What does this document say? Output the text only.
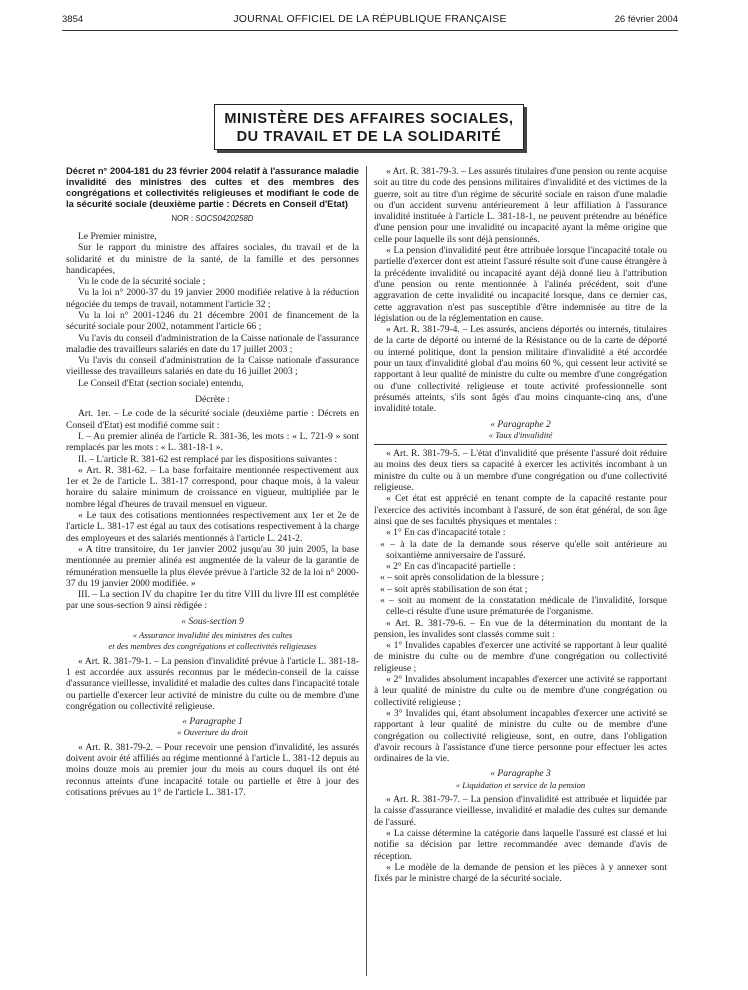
3854	JOURNAL OFFICIEL DE LA RÉPUBLIQUE FRANÇAISE	26 février 2004
MINISTÈRE DES AFFAIRES SOCIALES,
DU TRAVAIL ET DE LA SOLIDARITÉ
Décret n° 2004-181 du 23 février 2004 relatif à l'assurance maladie invalidité des ministres des cultes et des membres des congrégations et collectivités religieuses et modifiant le code de la sécurité sociale (deuxième partie : Décrets en Conseil d'Etat)
NOR : SOCS0420258D

Le Premier ministre,

Sur le rapport du ministre des affaires sociales, du travail et de la solidarité et du ministre de la santé, de la famille et des personnes handicapées,

Vu le code de la sécurité sociale ;

Vu la loi n° 2000-37 du 19 janvier 2000 modifiée relative à la réduction négociée du temps de travail, notamment l'article 32 ;

Vu la loi n° 2001-1246 du 21 décembre 2001 de financement de la sécurité sociale pour 2002, notamment l'article 66 ;

Vu l'avis du conseil d'administration de la Caisse nationale de l'assurance maladie des travailleurs salariés en date du 17 juillet 2003 ;

Vu l'avis du conseil d'administration de la Caisse nationale d'assurance vieillesse des travailleurs salariés en date du 16 juillet 2003 ;

Le Conseil d'Etat (section sociale) entendu,

Décrète :

Art. 1er. – Le code de la sécurité sociale (deuxième partie : Décrets en Conseil d'Etat) est modifié comme suit :

I. – Au premier alinéa de l'article R. 381-36, les mots : « L. 721-9 » sont remplacés par les mots : « L. 381-18-1 ».

II. – L'article R. 381-62 est remplacé par les dispositions suivantes :

« Art. R. 381-62. – La base forfaitaire mentionnée respectivement aux 1er et 2e de l'article L. 381-17 correspond, pour chaque mois, à la valeur horaire du salaire minimum de croissance en vigueur, multipliée par le nombre légal d'heures de travail mensuel en vigueur.

« Le taux des cotisations mentionnées respectivement aux 1er et 2e de l'article L. 381-17 est égal au taux des cotisations respectivement à la charge des employeurs et des salariés mentionnés à l'article L. 241-2.

« A titre transitoire, du 1er janvier 2002 jusqu'au 30 juin 2005, la base mentionnée au premier alinéa est augmentée de la valeur de la garantie de rémunération mensuelle la plus élevée prévue à l'article 32 de la loi n° 2000-37 du 19 janvier 2000 modifiée. »

III. – La section IV du chapitre 1er du titre VIII du livre III est complétée par une sous-section 9 ainsi rédigée :

« Sous-section 9

« Assurance invalidité des ministres des cultes

et des membres des congrégations et collectivités religieuses

« Art. R. 381-79-1. – La pension d'invalidité prévue à l'article L. 381-18-1 est accordée aux assurés reconnus par le médecin-conseil de la caisse d'assurance vieillesse, invalidité et maladie des cultes dans l'incapacité totale ou partielle d'exercer leur activité de ministre du culte ou de membre d'une congrégation ou collectivité religieuse.

« Paragraphe 1

« Ouverture du droit

« Art. R. 381-79-2. – Pour recevoir une pension d'invalidité, les assurés doivent avoir été affiliés au régime mentionné à l'article L. 381-12 depuis au moins douze mois au premier jour du mois au cours duquel ils ont été reconnus atteints d'une incapacité totale ou partielle et être à jour des cotisations prévues au 1° de l'article L. 381-17.

« Art. R. 381-79-3. – Les assurés titulaires d'une pension ou rente acquise soit au titre du code des pensions militaires d'invalidité et des victimes de la guerre, soit au titre d'un régime de sécurité sociale en raison d'une maladie ou d'un accident survenu antérieurement à leur affiliation à l'assurance invalidité instituée à l'article L. 381-18-1, ne peuvent prétendre au bénéfice d'une pension pour une invalidité ou incapacité ayant la même origine que celle pour laquelle ils sont déjà pensionnés.

« La pension d'invalidité peut être attribuée lorsque l'incapacité totale ou partielle d'exercer dont est atteint l'assuré résulte soit d'une cause étrangère à la précédente invalidité ou incapacité ayant déjà donné lieu à l'attribution d'une pension ou rente mentionnée à l'alinéa précédent, soit d'une aggravation de cette invalidité ou incapacité lorsque, dans ce dernier cas, cette aggravation n'est pas susceptible d'être indemnisée au titre de la législation ou de la réglementation en cause.

« Art. R. 381-79-4. – Les assurés, anciens déportés ou internés, titulaires de la carte de déporté ou interné de la Résistance ou de la carte de déporté ou interné politique, dont la pension militaire d'invalidité a été accordée pour un taux d'invalidité global d'au moins 60 %, qui cessent leur activité se rapportant à leur qualité de ministre du culte ou membre d'une congrégation ou d'une collectivité religieuse et toute activité professionnelle sont présumés atteints, s'ils sont âgés d'au moins cinquante-cinq ans, d'une invalidité totale.

« Paragraphe 2

« Taux d'invalidité

« Art. R. 381-79-5. – L'état d'invalidité que présente l'assuré doit réduire au moins des deux tiers sa capacité à exercer les activités incombant à un ministre du culte ou à un membre d'une congrégation ou d'une collectivité religieuse.

« Cet état est apprécié en tenant compte de la capacité restante pour l'exercice des activités incombant à l'assuré, de son état général, de son âge ainsi que de ses facultés physiques et mentales :

« 1° En cas d'incapacité totale :

« – à la date de la demande sous réserve qu'elle soit antérieure au soixantième anniversaire de l'assuré.

« 2° En cas d'incapacité partielle :

« – soit après consolidation de la blessure ;

« – soit après stabilisation de son état ;

« – soit au moment de la constatation médicale de l'invalidité, lorsque celle-ci résulte d'une usure prématurée de l'organisme.

« Art. R. 381-79-6. – En vue de la détermination du montant de la pension, les invalides sont classés comme suit :

« 1° Invalides capables d'exercer une activité se rapportant à leur qualité de ministre du culte ou de membre d'une congrégation ou collectivité religieuse ;

« 2° Invalides absolument incapables d'exercer une activité se rapportant à leur qualité de ministre du culte ou de membre d'une congrégation ou collectivité religieuse ;

« 3° Invalides qui, étant absolument incapables d'exercer une activité se rapportant à leur qualité de ministre du culte ou de membre d'une congrégation ou collectivité religieuse, sont, en outre, dans l'obligation d'avoir recours à l'assistance d'une tierce personne pour effectuer les actes ordinaires de la vie.

« Paragraphe 3

« Liquidation et service de la pension

« Art. R. 381-79-7. – La pension d'invalidité est attribuée et liquidée par la caisse d'assurance vieillesse, invalidité et maladie des cultes sur demande de l'assuré.

« La caisse détermine la catégorie dans laquelle l'assuré est classé et lui notifie sa décision par lettre recommandée avec demande d'avis de réception.

« Le modèle de la demande de pension et les pièces à y annexer sont fixés par le ministre chargé de la sécurité sociale.
